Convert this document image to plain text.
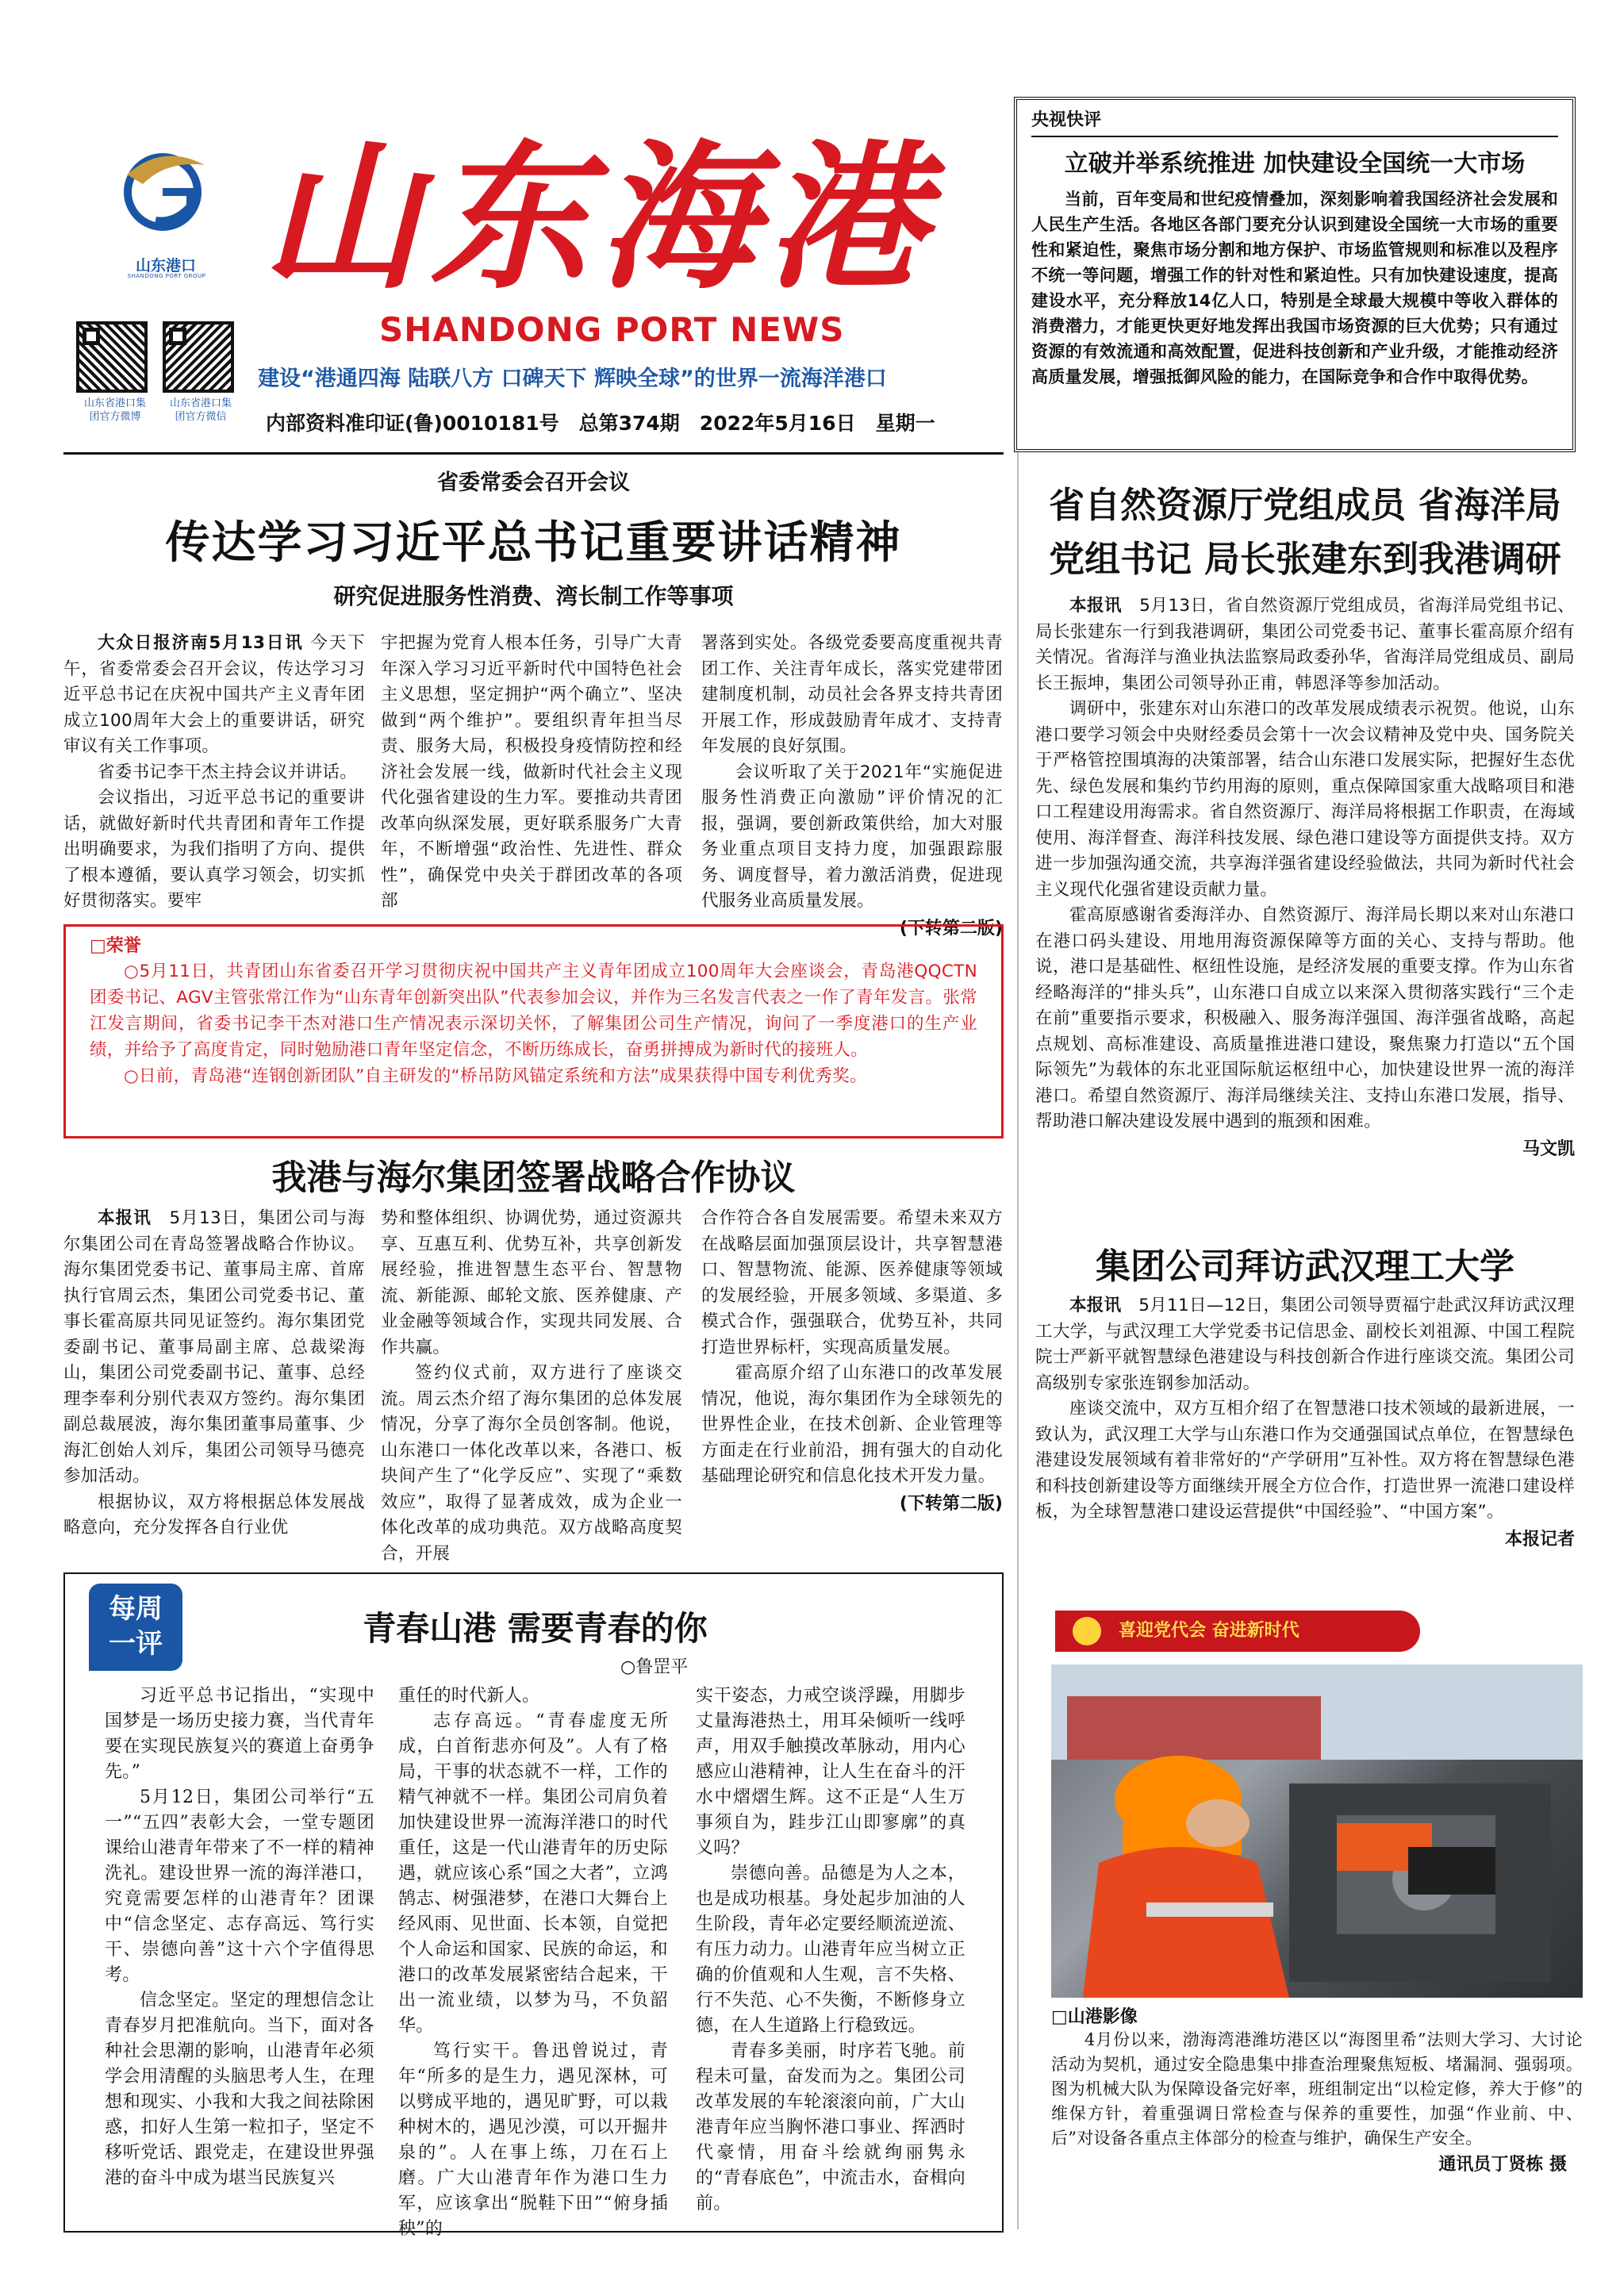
山东港口
SHANDONG PORT GROUP 山东海港
SHANDONG PORT NEWS
山东省港口集团官方微博
山东省港口集团官方微信
建设“港通四海 陆联八方 口碑天下 辉映全球”的世界一流海洋港口
内部资料准印证(鲁)0010181号　总第374期　2022年5月16日　星期一
央视快评
立破并举系统推进 加快建设全国统一大市场

当前，百年变局和世纪疫情叠加，深刻影响着我国经济社会发展和人民生产生活。各地区各部门要充分认识到建设全国统一大市场的重要性和紧迫性，聚焦市场分割和地方保护、市场监管规则和标准以及程序不统一等问题，增强工作的针对性和紧迫性。只有加快建设速度，提高建设水平，充分释放14亿人口，特别是全球最大规模中等收入群体的消费潜力，才能更快更好地发挥出我国市场资源的巨大优势；只有通过资源的有效流通和高效配置，促进科技创新和产业升级，才能推动经济高质量发展，增强抵御风险的能力，在国际竞争和合作中取得优势。

省委常委会召开会议
传达学习习近平总书记重要讲话精神
研究促进服务性消费、湾长制工作等事项

大众日报济南5月13日讯 今天下午，省委常委会召开会议，传达学习习近平总书记在庆祝中国共产主义青年团成立100周年大会上的重要讲话，研究审议有关工作事项。

省委书记李干杰主持会议并讲话。

会议指出，习近平总书记的重要讲话，就做好新时代共青团和青年工作提出明确要求，为我们指明了方向、提供了根本遵循，要认真学习领会，切实抓好贯彻落实。要牢

宇把握为党育人根本任务，引导广大青年深入学习习近平新时代中国特色社会主义思想，坚定拥护“两个确立”、坚决做到“两个维护”。要组织青年担当尽责、服务大局，积极投身疫情防控和经济社会发展一线，做新时代社会主义现代化强省建设的生力军。要推动共青团改革向纵深发展，更好联系服务广大青年，不断增强“政治性、先进性、群众性”，确保党中央关于群团改革的各项部

署落到实处。各级党委要高度重视共青团工作、关注青年成长，落实党建带团建制度机制，动员社会各界支持共青团开展工作，形成鼓励青年成才、支持青年发展的良好氛围。

会议听取了关于2021年“实施促进服务性消费正向激励”评价情况的汇报，强调，要创新政策供给，加大对服务业重点项目支持力度，加强跟踪服务、调度督导，着力激活消费，促进现代服务业高质量发展。

(下转第二版)
□荣誉

○5月11日，共青团山东省委召开学习贯彻庆祝中国共产主义青年团成立100周年大会座谈会，青岛港QQCTN团委书记、AGV主管张常江作为“山东青年创新突出队”代表参加会议，并作为三名发言代表之一作了青年发言。张常江发言期间，省委书记李干杰对港口生产情况表示深切关怀，了解集团公司生产情况，询问了一季度港口的生产业绩，并给予了高度肯定，同时勉励港口青年坚定信念，不断历练成长，奋勇拼搏成为新时代的接班人。

○日前，青岛港“连钢创新团队”自主研发的“桥吊防风锚定系统和方法”成果获得中国专利优秀奖。

我港与海尔集团签署战略合作协议

本报讯　 5月13日，集团公司与海尔集团公司在青岛签署战略合作协议。海尔集团党委书记、董事局主席、首席执行官周云杰，集团公司党委书记、董事长霍高原共同见证签约。海尔集团党委副书记、董事局副主席、总裁梁海山，集团公司党委副书记、董事、总经理李奉利分别代表双方签约。海尔集团副总裁展波，海尔集团董事局董事、少海汇创始人刘斥，集团公司领导马德亮参加活动。

根据协议，双方将根据总体发展战略意向，充分发挥各自行业优

势和整体组织、协调优势，通过资源共享、互惠互利、优势互补，共享创新发展经验，推进智慧生态平台、智慧物流、新能源、邮轮文旅、医养健康、产业金融等领域合作，实现共同发展、合作共赢。

签约仪式前，双方进行了座谈交流。周云杰介绍了海尔集团的总体发展情况，分享了海尔全员创客制。他说，山东港口一体化改革以来，各港口、板块间产生了“化学反应”、实现了“乘数效应”，取得了显著成效，成为企业一体化改革的成功典范。双方战略高度契合，开展

合作符合各自发展需要。希望未来双方在战略层面加强顶层设计，共享智慧港口、智慧物流、能源、医养健康等领域的发展经验，开展多领域、多渠道、多模式合作，强强联合，优势互补，共同打造世界标杆，实现高质量发展。

霍高原介绍了山东港口的改革发展情况，他说，海尔集团作为全球领先的世界性企业，在技术创新、企业管理等方面走在行业前沿，拥有强大的自动化基础理论研究和信息化技术开发力量。

(下转第二版)
每周
一评	青春山港 需要青春的你
○鲁罡平

习近平总书记指出，“实现中国梦是一场历史接力赛，当代青年要在实现民族复兴的赛道上奋勇争先。”

5月12日，集团公司举行“五一”“五四”表彰大会，一堂专题团课给山港青年带来了不一样的精神洗礼。建设世界一流的海洋港口，究竟需要怎样的山港青年？团课中“信念坚定、志存高远、笃行实干、崇德向善”这十六个字值得思考。

信念坚定。坚定的理想信念让青春岁月把准航向。当下，面对各种社会思潮的影响，山港青年必须学会用清醒的头脑思考人生，在理想和现实、小我和大我之间祛除困惑，扣好人生第一粒扣子，坚定不移听党话、跟党走，在建设世界强港的奋斗中成为堪当民族复兴

重任的时代新人。

志存高远。“青春虚度无所成，白首衔悲亦何及”。人有了格局，干事的状态就不一样，工作的精气神就不一样。集团公司肩负着加快建设世界一流海洋港口的时代重任，这是一代山港青年的历史际遇，就应该心系“国之大者”，立鸿鹄志、树强港梦，在港口大舞台上经风雨、见世面、长本领，自觉把个人命运和国家、民族的命运，和港口的改革发展紧密结合起来，干出一流业绩，以梦为马，不负韶华。

笃行实干。鲁迅曾说过，青年“所多的是生力，遇见深林，可以劈成平地的，遇见旷野，可以栽种树木的，遇见沙漠，可以开掘井泉的”。人在事上练，刀在石上磨。广大山港青年作为港口生力军，应该拿出“脱鞋下田”“俯身插秧”的

实干姿态，力戒空谈浮躁，用脚步丈量海港热土，用耳朵倾听一线呼声，用双手触摸改革脉动，用内心感应山港精神，让人生在奋斗的汗水中熠熠生辉。这不正是“人生万事须自为，跬步江山即寥廓”的真义吗？

崇德向善。品德是为人之本，也是成功根基。身处起步加油的人生阶段，青年必定要经顺流逆流、有压力动力。山港青年应当树立正确的价值观和人生观，言不失格、行不失范、心不失衡，不断修身立德，在人生道路上行稳致远。

青春多美丽，时序若飞驰。前程未可量，奋发而为之。集团公司改革发展的车轮滚滚向前，广大山港青年应当胸怀港口事业、挥洒时代豪情，用奋斗绘就绚丽隽永的“青春底色”，中流击水，奋楫向前。

省自然资源厅党组成员 省海洋局
党组书记 局长张建东到我港调研

本报讯　 5月13日，省自然资源厅党组成员，省海洋局党组书记、局长张建东一行到我港调研，集团公司党委书记、董事长霍高原介绍有关情况。省海洋与渔业执法监察局政委孙华，省海洋局党组成员、副局长王振坤，集团公司领导孙正甫，韩恩泽等参加活动。

调研中，张建东对山东港口的改革发展成绩表示祝贺。他说，山东港口要学习领会中央财经委员会第十一次会议精神及党中央、国务院关于严格管控围填海的决策部署，结合山东港口发展实际，把握好生态优先、绿色发展和集约节约用海的原则，重点保障国家重大战略项目和港口工程建设用海需求。省自然资源厅、海洋局将根据工作职责，在海域使用、海洋督查、海洋科技发展、绿色港口建设等方面提供支持。双方进一步加强沟通交流，共享海洋强省建设经验做法，共同为新时代社会主义现代化强省建设贡献力量。

霍高原感谢省委海洋办、自然资源厅、海洋局长期以来对山东港口在港口码头建设、用地用海资源保障等方面的关心、支持与帮助。他说，港口是基础性、枢纽性设施，是经济发展的重要支撑。作为山东省经略海洋的“排头兵”，山东港口自成立以来深入贯彻落实践行“三个走在前”重要指示要求，积极融入、服务海洋强国、海洋强省战略，高起点规划、高标准建设、高质量推进港口建设，聚焦聚力打造以“五个国际领先”为载体的东北亚国际航运枢纽中心，加快建设世界一流的海洋港口。希望自然资源厅、海洋局继续关注、支持山东港口发展，指导、帮助港口解决建设发展中遇到的瓶颈和困难。

马文凯
集团公司拜访武汉理工大学

本报讯　 5月11日—12日，集团公司领导贾福宁赴武汉拜访武汉理工大学，与武汉理工大学党委书记信思金、副校长刘祖源、中国工程院院士严新平就智慧绿色港建设与科技创新合作进行座谈交流。集团公司高级别专家张连钢参加活动。

座谈交流中，双方互相介绍了在智慧港口技术领域的最新进展，一致认为，武汉理工大学与山东港口作为交通强国试点单位，在智慧绿色港建设发展领域有着非常好的“产学研用”互补性。双方将在智慧绿色港和科技创新建设等方面继续开展全方位合作，打造世界一流港口建设样板，为全球智慧港口建设运营提供“中国经验”、“中国方案”。

本报记者
喜迎党代会 奋进新时代
□山港影像

4月份以来，渤海湾港潍坊港区以“海图里希”法则大学习、大讨论活动为契机，通过安全隐患集中排查治理聚焦短板、堵漏洞、强弱项。图为机械大队为保障设备完好率，班组制定出“以检定修，养大于修”的维保方针，着重强调日常检查与保养的重要性，加强“作业前、中、后”对设备各重点主体部分的检查与维护，确保生产安全。

通讯员丁贤栋 摄
